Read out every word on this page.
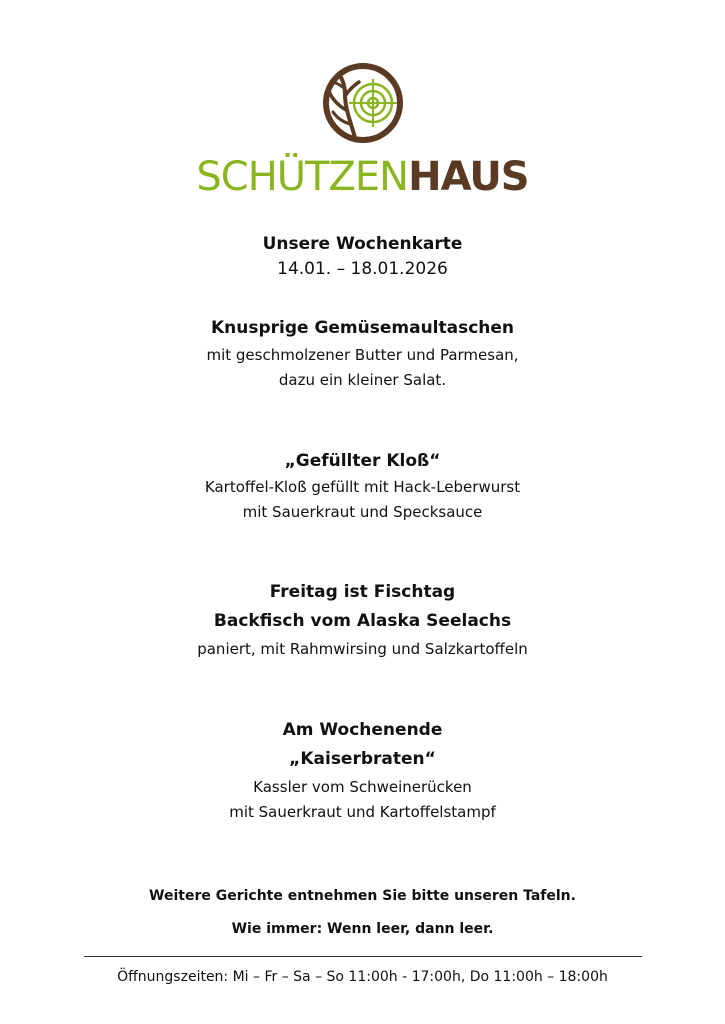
SCHÜTZENHAUS
Unsere Wochenkarte
14.01. – 18.01.2026
Knusprige Gemüsemaultaschen
mit geschmolzener Butter und Parmesan,
dazu ein kleiner Salat.
„Gefüllter Kloß“
Kartoffel-Kloß gefüllt mit Hack-Leberwurst
mit Sauerkraut und Specksauce
Freitag ist Fischtag
Backfisch vom Alaska Seelachs
paniert, mit Rahmwirsing und Salzkartoffeln
Am Wochenende
„Kaiserbraten“
Kassler vom Schweinerücken
mit Sauerkraut und Kartoffelstampf
Weitere Gerichte entnehmen Sie bitte unseren Tafeln.
Wie immer: Wenn leer, dann leer.
Öffnungszeiten: Mi – Fr – Sa – So 11:00h - 17:00h, Do 11:00h – 18:00h
